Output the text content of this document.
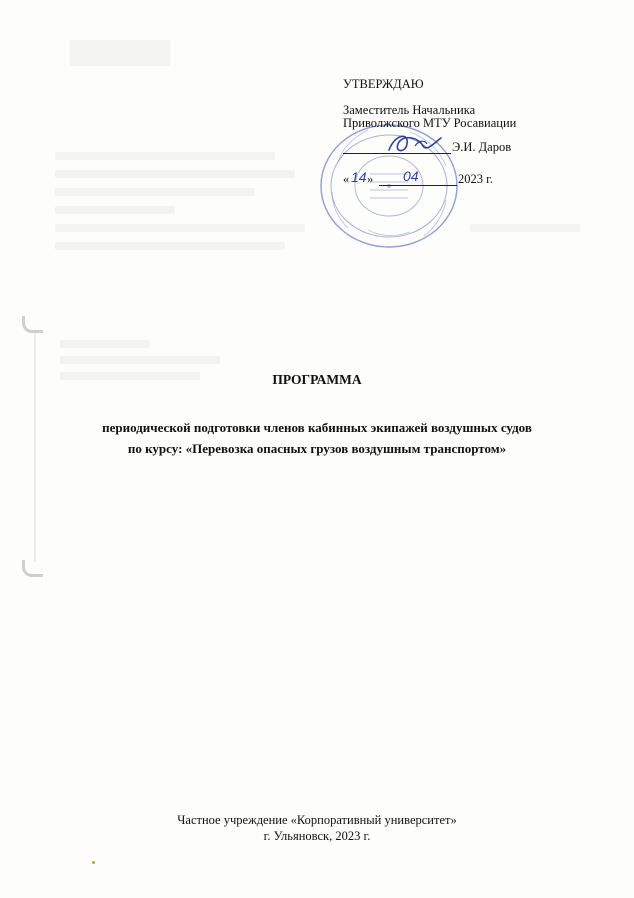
УТВЕРЖДАЮ
Заместитель Начальника
Приволжского МТУ Росавиации
Э.И. Даров
« 14 » 04	2023 г.
ПРОГРАММА
периодической подготовки членов кабинных экипажей воздушных судов
по курсу: «Перевозка опасных грузов воздушным транспортом»
Частное учреждение «Корпоративный университет»
г. Ульяновск, 2023 г.
